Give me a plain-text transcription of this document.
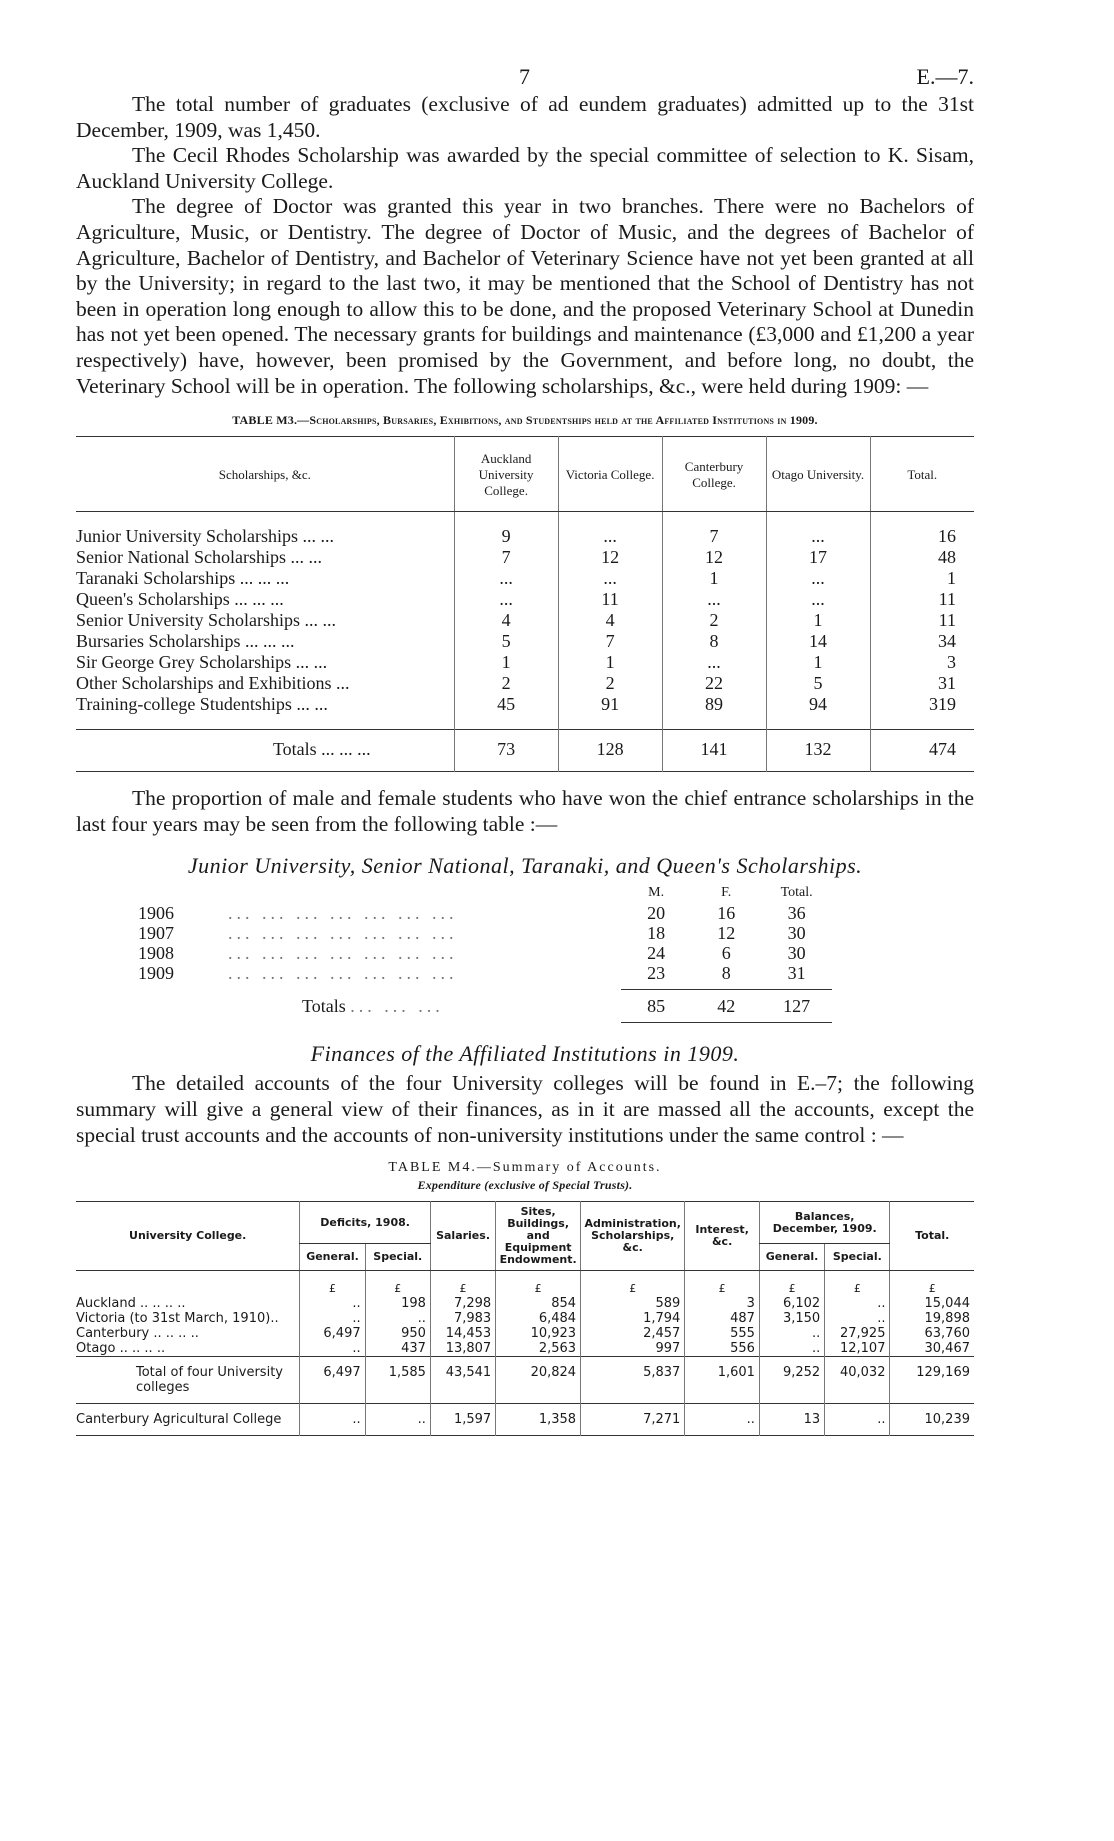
7	E.—7.

The total number of graduates (exclusive of ad eundem graduates) admitted up to the 31st December, 1909, was 1,450.

The Cecil Rhodes Scholarship was awarded by the special committee of selection to K. Sisam, Auckland University College.

The degree of Doctor was granted this year in two branches. There were no Bachelors of Agriculture, Music, or Dentistry. The degree of Doctor of Music, and the degrees of Bachelor of Agriculture, Bachelor of Dentistry, and Bachelor of Veterinary Science have not yet been granted at all by the University; in regard to the last two, it may be mentioned that the School of Dentistry has not been in operation long enough to allow this to be done, and the proposed Veterinary School at Dunedin has not yet been opened. The necessary grants for buildings and maintenance (£3,000 and £1,200 a year respectively) have, however, been promised by the Government, and before long, no doubt, the Veterinary School will be in operation. The following scholarships, &c., were held during 1909: —

TABLE M3.—Scholarships, Bursaries, Exhibitions, and Studentships held at the Affiliated Institutions in 1909.
Scholarships, &c.	Auckland University College.	Victoria College.	Canterbury College.	Otago University.	Total.

Junior University Scholarships ... ...	9	...	7	...	16
Senior National Scholarships ... ...	7	12	12	17	48
Taranaki Scholarships ... ... ...	...	...	1	...	1
Queen's Scholarships ... ... ...	...	11	...	...	11
Senior University Scholarships ... ...	4	4	2	1	11
Bursaries Scholarships ... ... ...	5	7	8	14	34
Sir George Grey Scholarships ... ...	1	1	...	1	3
Other Scholarships and Exhibitions ...	2	2	22	5	31
Training-college Studentships ... ...	45	91	89	94	319

Totals ... ... ...	73	128	141	132	474

The proportion of male and female students who have won the chief entrance scholarships in the last four years may be seen from the following table :—

Junior University, Senior National, Taranaki, and Queen's Scholarships.
		M.	F.	Total.
1906	... ... ... ... ... ... ...	20	16	36
1907	... ... ... ... ... ... ...	18	12	30
1908	... ... ... ... ... ... ...	24	6	30
1909	... ... ... ... ... ... ...	23	8	31

	Totals ... ... ...	85	42	127

Finances of the Affiliated Institutions in 1909.

The detailed accounts of the four University colleges will be found in E.–7; the following summary will give a general view of their finances, as in it are massed all the accounts, except the special trust accounts and the accounts of non-university institutions under the same control : —

TABLE M4.—Summary of Accounts.
Expenditure (exclusive of Special Trusts).
University College.	Deficits, 1908.		Salaries.	Sites, Buildings, and Equipment Endowment.	Administration, Scholarships, &c.	Interest, &c.	Balances, December, 1909.		Total.
	General.	Special.					General.	Special.	
	£	£	£	£	£	£	£	£	£
Auckland .. .. .. ..	..	198	7,298	854	589	3	6,102	..	15,044
Victoria (to 31st March, 1910)..	..	..	7,983	6,484	1,794	487	3,150	..	19,898
Canterbury .. .. .. ..	6,497	950	14,453	10,923	2,457	555	..	27,925	63,760
Otago .. .. .. ..	..	437	13,807	2,563	997	556	..	12,107	30,467
Total of four University colleges	6,497	1,585	43,541	20,824	5,837	1,601	9,252	40,032	129,169
Canterbury Agricultural College	..	..	1,597	1,358	7,271	..	13	..	10,239
